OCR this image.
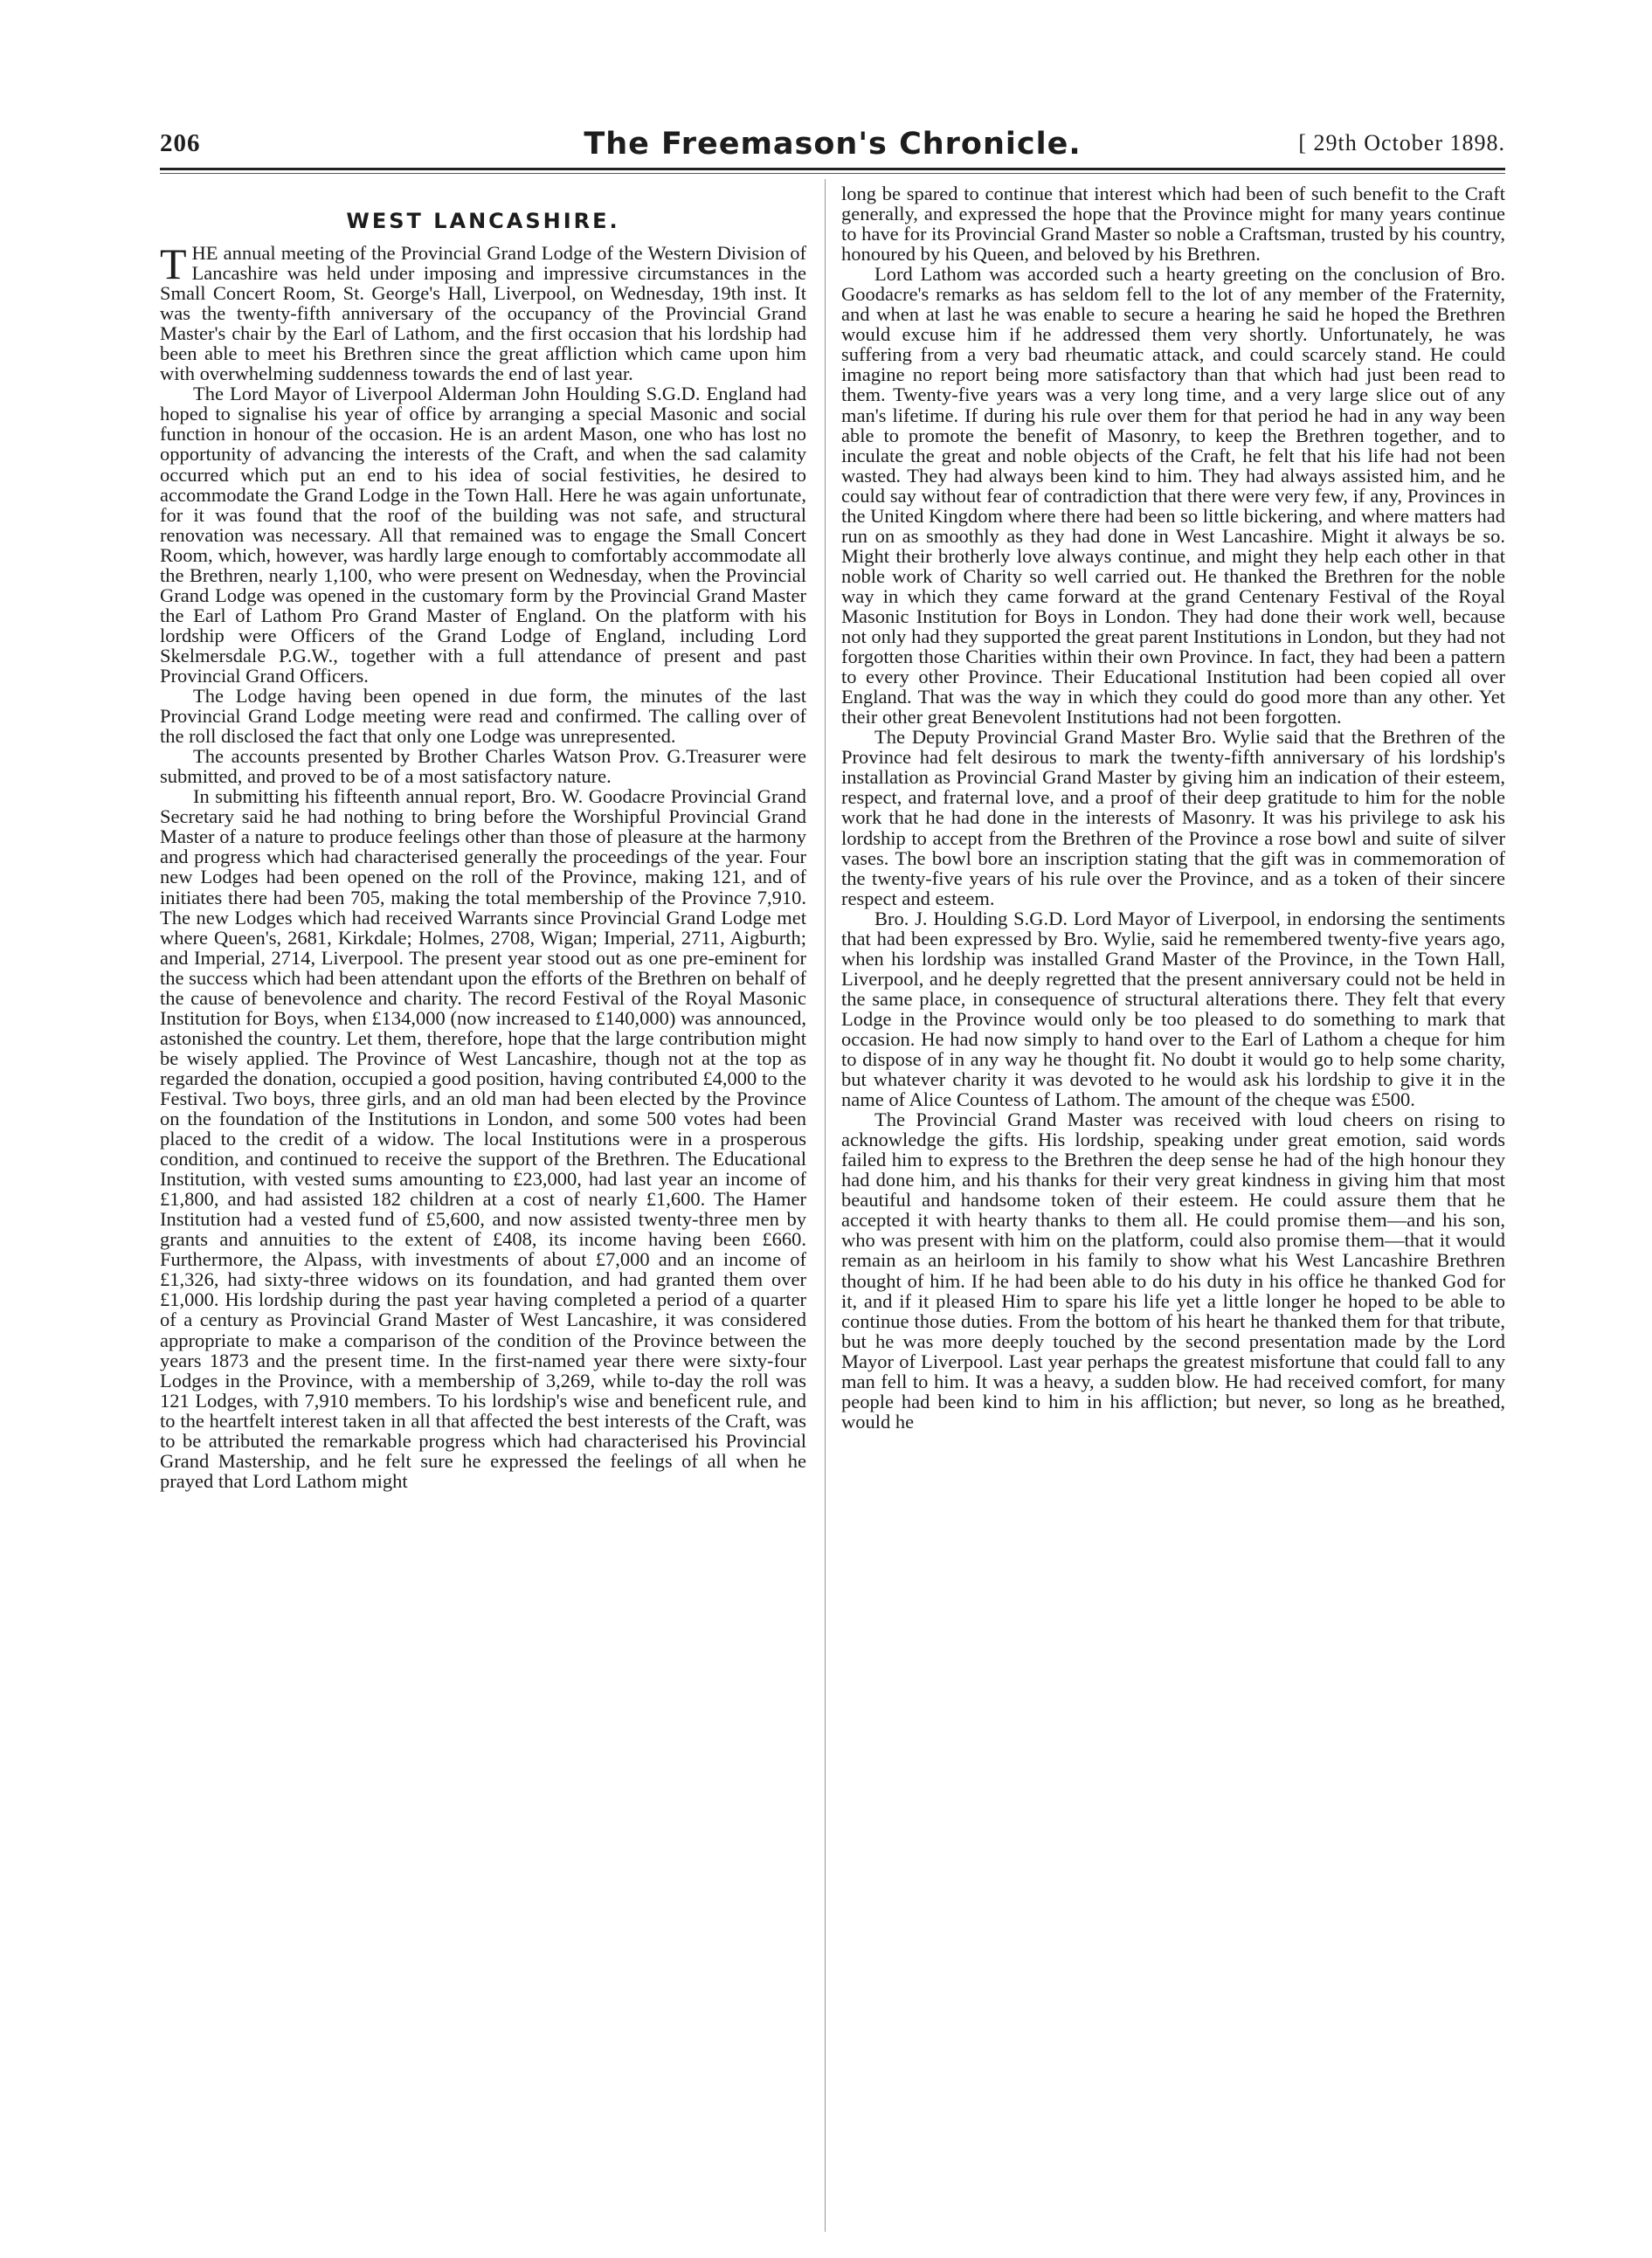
206	The Freemason's Chronicle.	[ 29th October 1898.
WEST LANCASHIRE.

THE annual meeting of the Provincial Grand Lodge of the Western Division of Lancashire was held under imposing and impressive circumstances in the Small Concert Room, St. George's Hall, Liverpool, on Wednesday, 19th inst. It was the twenty-fifth anniversary of the occupancy of the Provincial Grand Master's chair by the Earl of Lathom, and the first occasion that his lordship had been able to meet his Brethren since the great affliction which came upon him with overwhelming suddenness towards the end of last year.

The Lord Mayor of Liverpool Alderman John Houlding S.G.D. England had hoped to signalise his year of office by arranging a special Masonic and social function in honour of the occasion. He is an ardent Mason, one who has lost no opportunity of advancing the interests of the Craft, and when the sad calamity occurred which put an end to his idea of social festivities, he desired to accommodate the Grand Lodge in the Town Hall. Here he was again unfortunate, for it was found that the roof of the building was not safe, and structural renovation was necessary. All that remained was to engage the Small Concert Room, which, however, was hardly large enough to comfortably accommodate all the Brethren, nearly 1,100, who were present on Wednesday, when the Provincial Grand Lodge was opened in the customary form by the Provincial Grand Master the Earl of Lathom Pro Grand Master of England. On the platform with his lordship were Officers of the Grand Lodge of England, including Lord Skelmersdale P.G.W., together with a full attendance of present and past Provincial Grand Officers.

The Lodge having been opened in due form, the minutes of the last Provincial Grand Lodge meeting were read and confirmed. The calling over of the roll disclosed the fact that only one Lodge was unrepresented.

The accounts presented by Brother Charles Watson Prov. G.Treasurer were submitted, and proved to be of a most satisfactory nature.

In submitting his fifteenth annual report, Bro. W. Goodacre Provincial Grand Secretary said he had nothing to bring before the Worshipful Provincial Grand Master of a nature to produce feelings other than those of pleasure at the harmony and progress which had characterised generally the proceedings of the year. Four new Lodges had been opened on the roll of the Province, making 121, and of initiates there had been 705, making the total membership of the Province 7,910. The new Lodges which had received Warrants since Provincial Grand Lodge met where Queen's, 2681, Kirkdale; Holmes, 2708, Wigan; Imperial, 2711, Aigburth; and Imperial, 2714, Liverpool. The present year stood out as one pre-eminent for the success which had been attendant upon the efforts of the Brethren on behalf of the cause of benevolence and charity. The record Festival of the Royal Masonic Institution for Boys, when £134,000 (now increased to £140,000) was announced, astonished the country. Let them, therefore, hope that the large contribution might be wisely applied. The Province of West Lancashire, though not at the top as regarded the donation, occupied a good position, having contributed £4,000 to the Festival. Two boys, three girls, and an old man had been elected by the Province on the foundation of the Institutions in London, and some 500 votes had been placed to the credit of a widow. The local Institutions were in a prosperous condition, and continued to receive the support of the Brethren. The Educational Institution, with vested sums amounting to £23,000, had last year an income of £1,800, and had assisted 182 children at a cost of nearly £1,600. The Hamer Institution had a vested fund of £5,600, and now assisted twenty-three men by grants and annuities to the extent of £408, its income having been £660. Furthermore, the Alpass, with investments of about £7,000 and an income of £1,326, had sixty-three widows on its foundation, and had granted them over £1,000. His lordship during the past year having completed a period of a quarter of a century as Provincial Grand Master of West Lancashire, it was considered appropriate to make a comparison of the condition of the Province between the years 1873 and the present time. In the first-named year there were sixty-four Lodges in the Province, with a membership of 3,269, while to-day the roll was 121 Lodges, with 7,910 members. To his lordship's wise and beneficent rule, and to the heartfelt interest taken in all that affected the best interests of the Craft, was to be attributed the remarkable progress which had characterised his Provincial Grand Mastership, and he felt sure he expressed the feelings of all when he prayed that Lord Lathom might

long be spared to continue that interest which had been of such benefit to the Craft generally, and expressed the hope that the Province might for many years continue to have for its Provincial Grand Master so noble a Craftsman, trusted by his country, honoured by his Queen, and beloved by his Brethren.

Lord Lathom was accorded such a hearty greeting on the conclusion of Bro. Goodacre's remarks as has seldom fell to the lot of any member of the Fraternity, and when at last he was enable to secure a hearing he said he hoped the Brethren would excuse him if he addressed them very shortly. Unfortunately, he was suffering from a very bad rheumatic attack, and could scarcely stand. He could imagine no report being more satisfactory than that which had just been read to them. Twenty-five years was a very long time, and a very large slice out of any man's lifetime. If during his rule over them for that period he had in any way been able to promote the benefit of Masonry, to keep the Brethren together, and to inculate the great and noble objects of the Craft, he felt that his life had not been wasted. They had always been kind to him. They had always assisted him, and he could say without fear of contradiction that there were very few, if any, Provinces in the United Kingdom where there had been so little bickering, and where matters had run on as smoothly as they had done in West Lancashire. Might it always be so. Might their brotherly love always continue, and might they help each other in that noble work of Charity so well carried out. He thanked the Brethren for the noble way in which they came forward at the grand Centenary Festival of the Royal Masonic Institution for Boys in London. They had done their work well, because not only had they supported the great parent Institutions in London, but they had not forgotten those Charities within their own Province. In fact, they had been a pattern to every other Province. Their Educational Institution had been copied all over England. That was the way in which they could do good more than any other. Yet their other great Benevolent Institutions had not been forgotten.

The Deputy Provincial Grand Master Bro. Wylie said that the Brethren of the Province had felt desirous to mark the twenty-fifth anniversary of his lordship's installation as Provincial Grand Master by giving him an indication of their esteem, respect, and fraternal love, and a proof of their deep gratitude to him for the noble work that he had done in the interests of Masonry. It was his privilege to ask his lordship to accept from the Brethren of the Province a rose bowl and suite of silver vases. The bowl bore an inscription stating that the gift was in commemoration of the twenty-five years of his rule over the Province, and as a token of their sincere respect and esteem.

Bro. J. Houlding S.G.D. Lord Mayor of Liverpool, in endorsing the sentiments that had been expressed by Bro. Wylie, said he remembered twenty-five years ago, when his lordship was installed Grand Master of the Province, in the Town Hall, Liverpool, and he deeply regretted that the present anniversary could not be held in the same place, in consequence of structural alterations there. They felt that every Lodge in the Province would only be too pleased to do something to mark that occasion. He had now simply to hand over to the Earl of Lathom a cheque for him to dispose of in any way he thought fit. No doubt it would go to help some charity, but whatever charity it was devoted to he would ask his lordship to give it in the name of Alice Countess of Lathom. The amount of the cheque was £500.

The Provincial Grand Master was received with loud cheers on rising to acknowledge the gifts. His lordship, speaking under great emotion, said words failed him to express to the Brethren the deep sense he had of the high honour they had done him, and his thanks for their very great kindness in giving him that most beautiful and handsome token of their esteem. He could assure them that he accepted it with hearty thanks to them all. He could promise them—and his son, who was present with him on the platform, could also promise them—that it would remain as an heirloom in his family to show what his West Lancashire Brethren thought of him. If he had been able to do his duty in his office he thanked God for it, and if it pleased Him to spare his life yet a little longer he hoped to be able to continue those duties. From the bottom of his heart he thanked them for that tribute, but he was more deeply touched by the second presentation made by the Lord Mayor of Liverpool. Last year perhaps the greatest misfortune that could fall to any man fell to him. It was a heavy, a sudden blow. He had received comfort, for many people had been kind to him in his affliction; but never, so long as he breathed, would he
